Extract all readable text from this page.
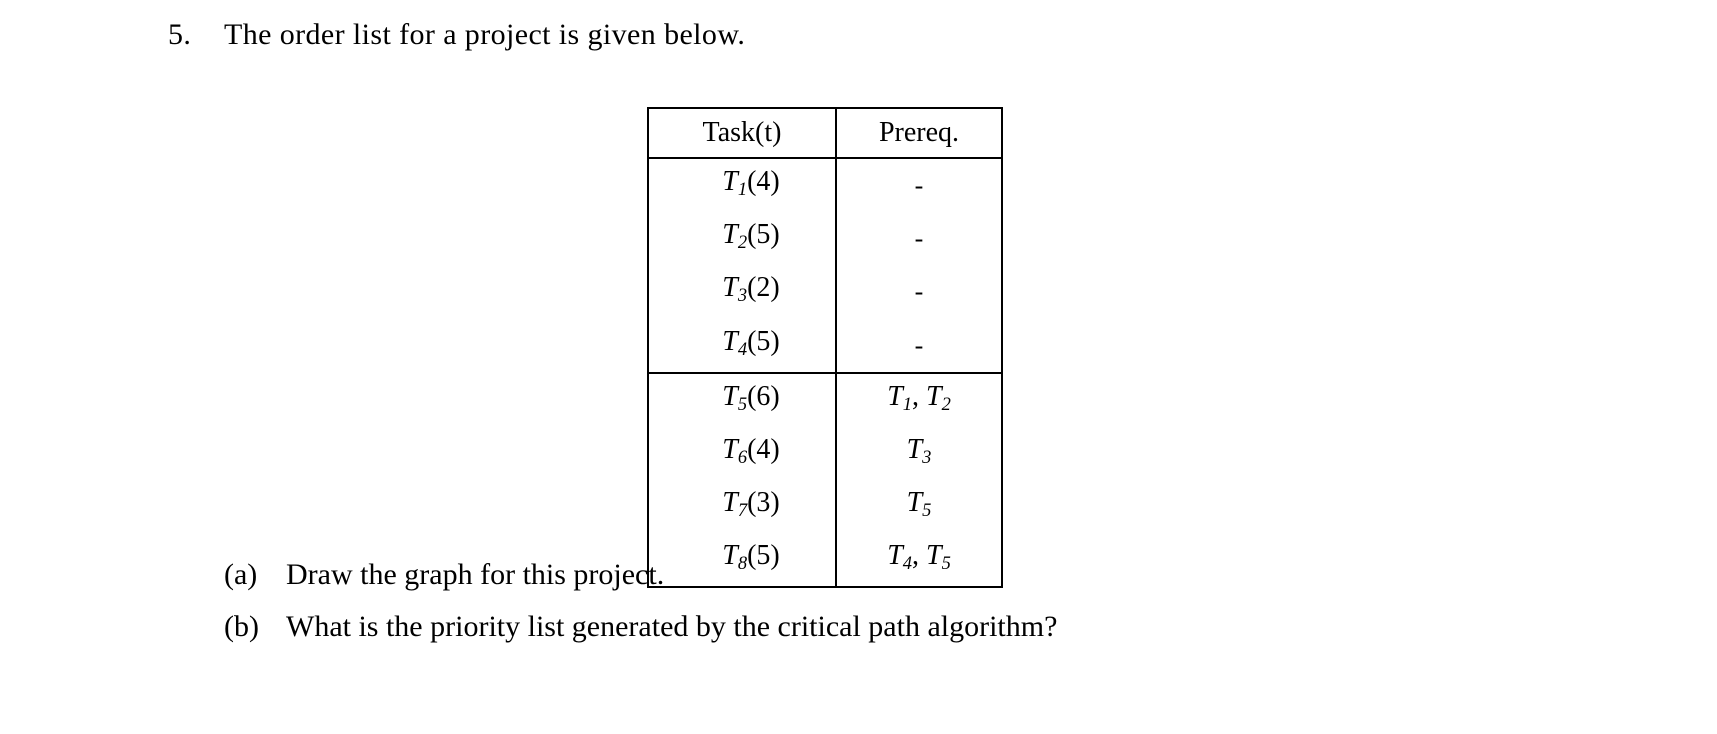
5.	The order list for a project is given below.
Task(t)	Prereq.
$T_1(4)$	-
$T_2(5)$	-
$T_3(2)$	-
$T_4(5)$	-
$T_5(6)$	$T_1$, $T_2$
$T_6(4)$	$T_3$
$T_7(3)$	$T_5$
$T_8(5)$	$T_4$, $T_5$
(a) Draw the graph for this project.
(b) What is the priority list generated by the critical path algorithm?
